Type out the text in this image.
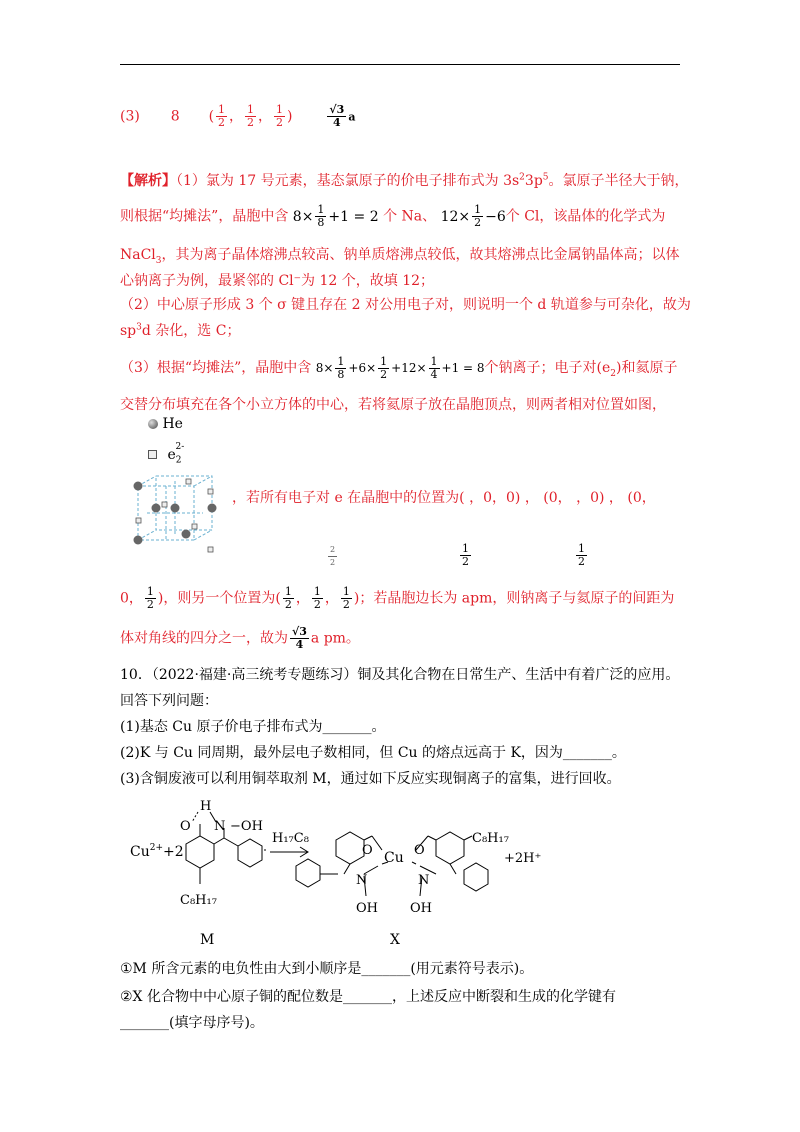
(3) 8 ( $\frac{1}{2}$ ， $\frac{1}{2}$ ， $\frac{1}{2}$ )	$\frac{√3}{4}$ a
【解析】（1）氯为 17 号元素，基态氯原子的价电子排布式为 $3s^23p^5$。氯原子半径大于钠，
则根据“均摊法”，晶胞中含 $8\times \frac{1}{8} +1 = 2$ 个 Na、 $12\times \frac{1}{2} -6$个 Cl，该晶体的化学式为
NaCl$_3$，其为离子晶体熔沸点较高、钠单质熔沸点较低，故其熔沸点比金属钠晶体高；以体
心钠离子为例，最紧邻的 Cl⁻为 12 个，故填 12；
（2）中心原子形成 3 个 σ 键且存在 2 对公用电子对，则说明一个 d 轨道参与可杂化，故为
$sp^3d$ 杂化，选 C；
（3）根据“均摊法”，晶胞中含 $8\times \frac{1}{8} +6\times \frac{1}{2} +12\times \frac{1}{4} +1 = 8$个钠离子；电子对$(e_2)$和氦原子
交替分布填充在各个小立方体的中心，若将氦原子放在晶胞顶点，则两者相对位置如图，
He
$e_2^{2-}$
，若所有电子对 e 在晶胞中的位置为( ，0，0) ， (0， ，0) ， (0，
$\frac{2}{2}$	$\frac{1}{2}$	$\frac{1}{2}$
0， $\frac{1}{2}$ )，则另一个位置为( $\frac{1}{2}$ ， $\frac{1}{2}$ ， $\frac{1}{2}$ )；若晶胞边长为 apm，则钠离子与氦原子的间距为
体对角线的四分之一，故为 $\frac{√3}{4}$ a pm。
10．（2022·福建·高三统考专题练习）铜及其化合物在日常生产、生活中有着广泛的应用。
回答下列问题：
(1)基态 Cu 原子价电子排布式为_______。
(2)K 与 Cu 同周期，最外层电子数相同，但 Cu 的熔点远高于 K，因为_______。
(3)含铜废液可以利用铜萃取剂 M，通过如下反应实现铜离子的富集，进行回收。
$Cu^{2+}+2$
H
O N −OH
C₈H₁₇
H₁₇C₈
O Cu O
N	N
OH OH
C₈H₁₇
+2H⁺
M	X
①M 所含元素的电负性由大到小顺序是_______(用元素符号表示)。
②X 化合物中中心原子铜的配位数是_______，上述反应中断裂和生成的化学键有
_______(填字母序号)。
